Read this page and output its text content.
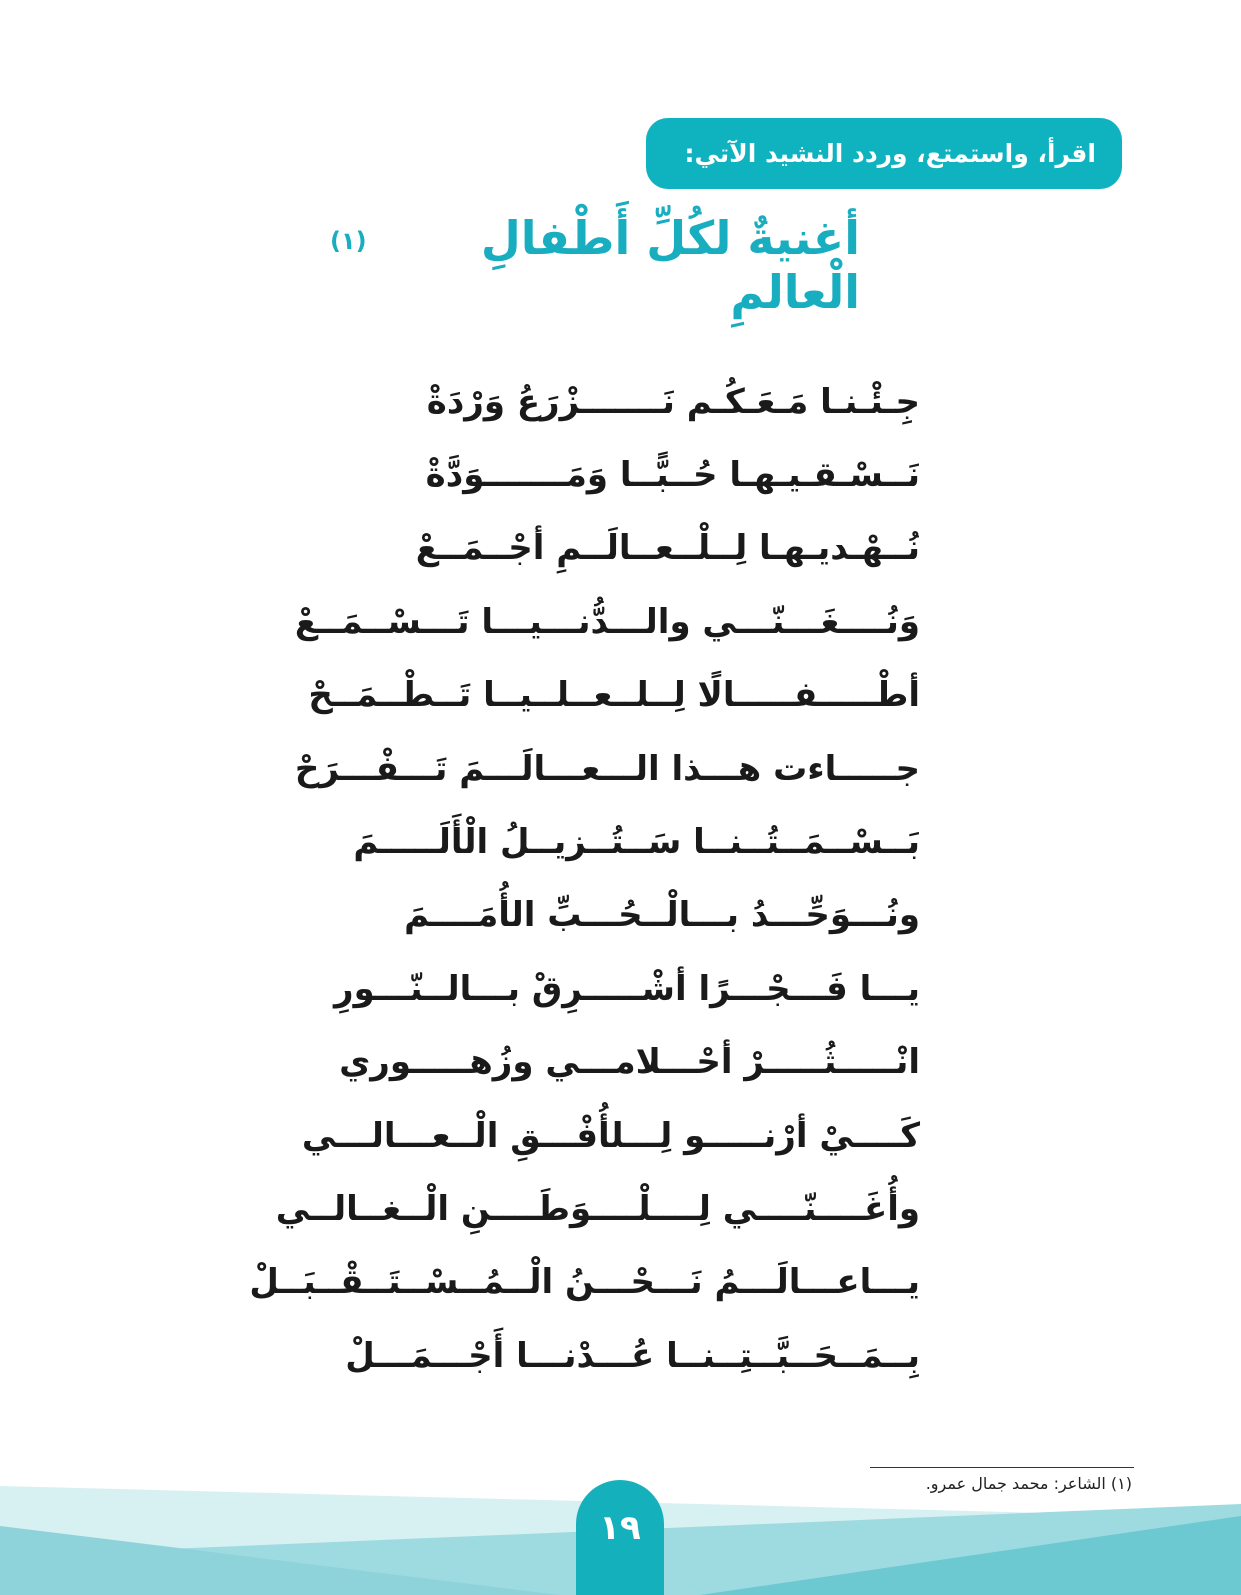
اقرأ، واستمتع، وردد النشيد الآتي:
أغنيةٌ لكُلِّ أَطْفالِ الْعالمِ
(١)
جِـئْـنـا مَـعَـكُـم نَـــــــزْرَعُ وَرْدَةْ
نَــسْـقـيـهـا حُــبًّــا وَمَـــــــوَدَّةْ
نُــهْـديـهـا لِــلْــعــالَــمِ أجْــمَــعْ
وَنُــــغَـــنّـــي والـــدُّنـــيـــا تَـــسْــمَــعْ
أطْـــــفـــــالًا لِــلــعــلــيــا تَــطْــمَــحْ
جـــــاءت هـــذا الـــعـــالَـــمَ تَـــفْـــرَحْ
بَــسْــمَــتُــنــا سَــتُــزيــلُ الْأَلَـــــمَ
ونُـــوَحِّـــدُ بـــالْــحُـــبِّ الأُمَــــمَ
يـــا فَـــجْـــرًا أشْـــــرِقْ بـــالــنّـــورِ
انْـــــثُـــــرْ أحْـــلامـــي وزُهـــــوري
كَــــيْ أرْنـــــو لِـــلأُفْـــقِ الْــعـــالـــي
وأُغَــــنّــــي لِــــلْــــوَطَــــنِ الْــغــالــي
يـــاعـــالَـــمُ نَـــحْـــنُ الْــمُــسْــتَــقْــبَــلْ
بِــمَــحَــبَّــتِــنــا عُـــدْنـــا أَجْـــمَـــلْ
(١) الشاعر: محمد جمال عمرو.
١٩
